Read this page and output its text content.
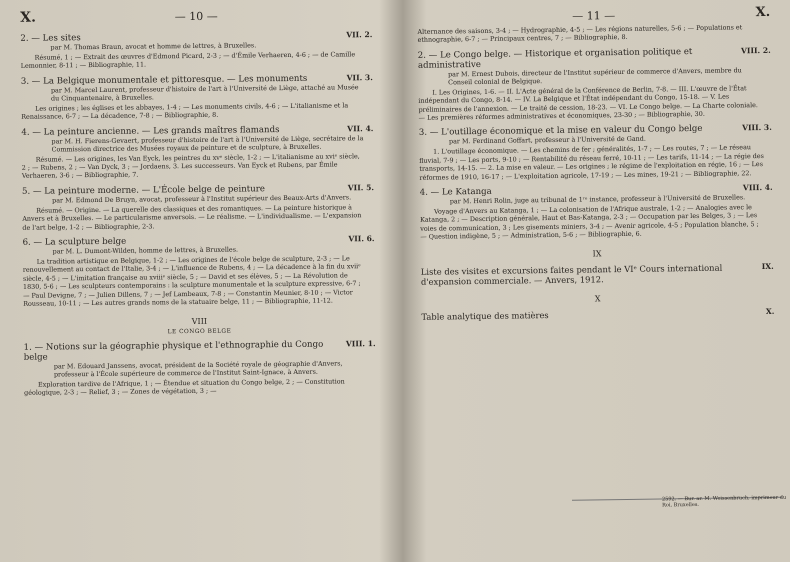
X.	— 10 —
2. — Les sites	VII. 2.
par M. Thomas Braun, avocat et homme de lettres, à Bruxelles.
Résumé, 1 ; — Extrait des œuvres d'Edmond Picard, 2-3 ; — d'Émile Verhaeren, 4-6 ; — de Camille Lemonnier, 8-11 ; — Bibliographie, 11.
3. — La Belgique monumentale et pittoresque. — Les monuments	VII. 3.
par M. Marcel Laurent, professeur d'histoire de l'art à l'Université de Liège, attaché au Musée du Cinquantenaire, à Bruxelles.
Les origines ; les églises et les abbayes, 1-4 ; — Les monuments civils, 4-6 ; — L'italianisme et la Renaissance, 6-7 ; — La décadence, 7-8 ; — Bibliographie, 8.
4. — La peinture ancienne. — Les grands maîtres flamands	VII. 4.
par M. H. Fierens-Gevaert, professeur d'histoire de l'art à l'Université de Liège, secrétaire de la Commission directrice des Musées royaux de peinture et de sculpture, à Bruxelles.
Résumé. — Les origines, les Van Eyck, les peintres du xvᵉ siècle, 1-2 ; — L'italianisme au xviᵉ siècle, 2 ; — Rubens, 2 ; — Van Dyck, 3 ; — Jordaens, 3. Les successeurs. Van Eyck et Rubens, par Émile Verhaeren, 3-6 ; — Bibliographie, 7.
5. — La peinture moderne. — L'École belge de peinture	VII. 5.
par M. Edmond De Bruyn, avocat, professeur à l'Institut supérieur des Beaux-Arts d'Anvers.
Résumé. — Origine. — La querelle des classiques et des romantiques. — La peinture historique à Anvers et à Bruxelles. — Le particularisme anversois. — Le réalisme. — L'individualisme. — L'expansion de l'art belge, 1-2 ; — Bibliographie, 2-3.
6. — La sculpture belge	VII. 6.
par M. L. Dumont-Wilden, homme de lettres, à Bruxelles.
La tradition artistique en Belgique, 1-2 ; — Les origines de l'école belge de sculpture, 2-3 ; — Le renouvellement au contact de l'Italie, 3-4 ; — L'influence de Rubens, 4 ; — La décadence à la fin du xviiᵉ siècle, 4-5 ; — L'imitation française au xviiiᵉ siècle, 5 ; — David et ses élèves, 5 ; — La Révolution de 1830, 5-6 ; — Les sculpteurs contemporains : la sculpture monumentale et la sculpture expressive, 6-7 ; — Paul Devigne, 7 ; — Julien Dillens, 7 ; — Jef Lambeaux, 7-8 ; — Constantin Meunier, 8-10 ; — Victor Rousseau, 10-11 ; — Les autres grands noms de la statuaire belge, 11 ; — Bibliographie, 11-12.
VIII
LE CONGO BELGE
1. — Notions sur la géographie physique et l'ethnographie du Congo belge
VIII. 1.
par M. Edouard Janssens, avocat, président de la Société royale de géographie d'Anvers, professeur à l'École supérieure de commerce de l'Institut Saint-Ignace, à Anvers.
Exploration tardive de l'Afrique, 1 ; — Étendue et situation du Congo belge, 2 ; — Constitution géologique, 2-3 ; — Relief, 3 ; — Zones de végétation, 3 ; —
— 11 —	X.
Alternance des saisons, 3-4 ; — Hydrographie, 4-5 ; — Les régions naturelles, 5-6 ; — Populations et ethnographie, 6-7 ; — Principaux centres, 7 ; — Bibliographie, 8.
2. — Le Congo belge. — Historique et organisation politique et administrative
VIII. 2.
par M. Ernest Dubois, directeur de l'Institut supérieur de commerce d'Anvers, membre du Conseil colonial de Belgique.
I. Les Origines, 1-6. — II. L'Acte général de la Conférence de Berlin, 7-8. — III. L'œuvre de l'État indépendant du Congo, 8-14. — IV. La Belgique et l'État indépendant du Congo, 15-18. — V. Les préliminaires de l'annexion. — Le traité de cession, 18-23. — VI. Le Congo belge. — La Charte coloniale. — Les premières réformes administratives et économiques, 23-30 ; — Bibliographie, 30.
3. — L'outillage économique et la mise en valeur du Congo belge	VIII. 3.
par M. Ferdinand Goffart, professeur à l'Université de Gand.
1. L'outillage économique. — Les chemins de fer ; généralités, 1-7 ; — Les routes, 7 ; — Le réseau fluvial, 7-9 ; — Les ports, 9-10 ; — Rentabilité du réseau ferré, 10-11 ; — Les tarifs, 11-14 ; — La régie des transports, 14-15. — 2. La mise en valeur. — Les origines ; le régime de l'exploitation en régie, 16 ; — Les réformes de 1910, 16-17 ; — L'exploitation agricole, 17-19 ; — Les mines, 19-21 ; — Bibliographie, 22.
4. — Le Katanga	VIII. 4.
par M. Henri Rolin, juge au tribunal de 1ʳᵉ instance, professeur à l'Université de Bruxelles.
Voyage d'Anvers au Katanga, 1 ; — La colonisation de l'Afrique australe, 1-2 ; — Analogies avec le Katanga, 2 ; — Description générale, Haut et Bas-Katanga, 2-3 ; — Occupation par les Belges, 3 ; — Les voies de communication, 3 ; Les gisements miniers, 3-4 ; — Avenir agricole, 4-5 ; Population blanche, 5 ; — Question indigène, 5 ; — Administration, 5-6 ; — Bibliographie, 6.
IX
Liste des visites et excursions faites pendant le VIᵉ Cours international d'expansion commerciale. — Anvers, 1912.
IX.
X
Table analytique des matières	X.
2592. — Bur. ar. M. Weissenbruch, imprimeur du Roi, Bruxelles.
